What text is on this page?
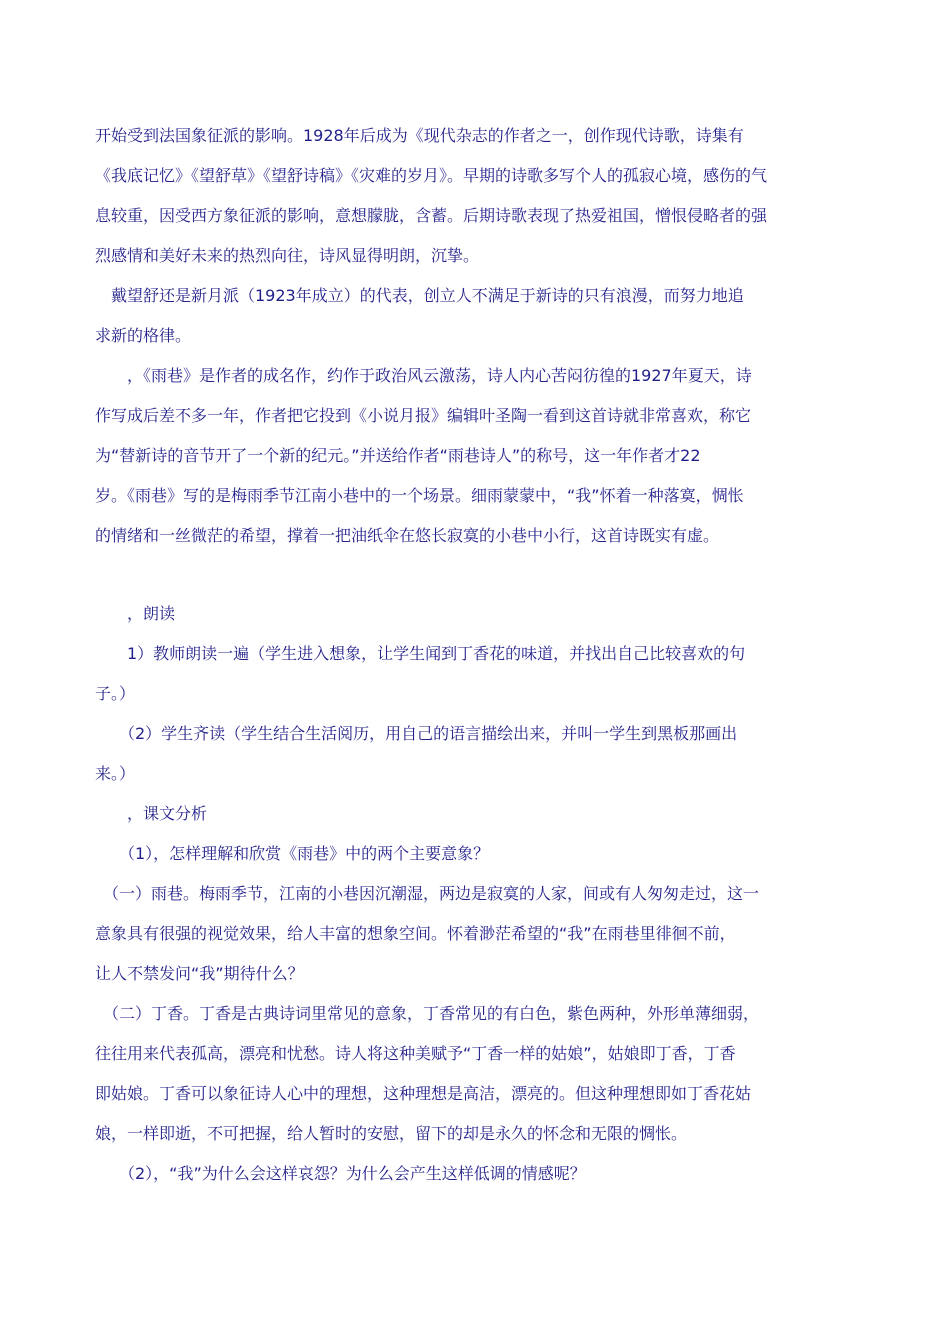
开始受到法国象征派的影响。1928年后成为《现代杂志的作者之一，创作现代诗歌，诗集有
《我底记忆》《望舒草》《望舒诗稿》《灾难的岁月》。早期的诗歌多写个人的孤寂心境，感伤的气
息较重，因受西方象征派的影响，意想朦胧，含蓄。后期诗歌表现了热爱祖国，憎恨侵略者的强
烈感情和美好未来的热烈向往，诗风显得明朗，沉挚。
　戴望舒还是新月派（1923年成立）的代表，创立人不满足于新诗的只有浪漫，而努力地追
求新的格律。
　　，《雨巷》是作者的成名作，约作于政治风云激荡，诗人内心苦闷彷徨的1927年夏天，诗
作写成后差不多一年，作者把它投到《小说月报》编辑叶圣陶一看到这首诗就非常喜欢，称它
为“替新诗的音节开了一个新的纪元。”并送给作者“雨巷诗人”的称号，这一年作者才22
岁。《雨巷》写的是梅雨季节江南小巷中的一个场景。细雨蒙蒙中，“我”怀着一种落寞，惆怅
的情绪和一丝微茫的希望，撑着一把油纸伞在悠长寂寞的小巷中小行，这首诗既实有虚。
　　，朗读
　　1）教师朗读一遍（学生进入想象，让学生闻到丁香花的味道，并找出自己比较喜欢的句
子。）
　　（2）学生齐读（学生结合生活阅历，用自己的语言描绘出来，并叫一学生到黑板那画出
来。）
　　，课文分析
　　（1），怎样理解和欣赏《雨巷》中的两个主要意象？
　（一）雨巷。梅雨季节，江南的小巷因沉潮湿，两边是寂寞的人家，间或有人匆匆走过，这一
意象具有很强的视觉效果，给人丰富的想象空间。怀着渺茫希望的“我”在雨巷里徘徊不前，
让人不禁发问“我”期待什么？
　（二）丁香。丁香是古典诗词里常见的意象，丁香常见的有白色，紫色两种，外形单薄细弱，
往往用来代表孤高，漂亮和忧愁。诗人将这种美赋予“丁香一样的姑娘”，姑娘即丁香，丁香
即姑娘。丁香可以象征诗人心中的理想，这种理想是高洁，漂亮的。但这种理想即如丁香花姑
娘，一样即逝，不可把握，给人暂时的安慰，留下的却是永久的怀念和无限的惆怅。
　　（2），“我”为什么会这样哀怨？为什么会产生这样低调的情感呢？
